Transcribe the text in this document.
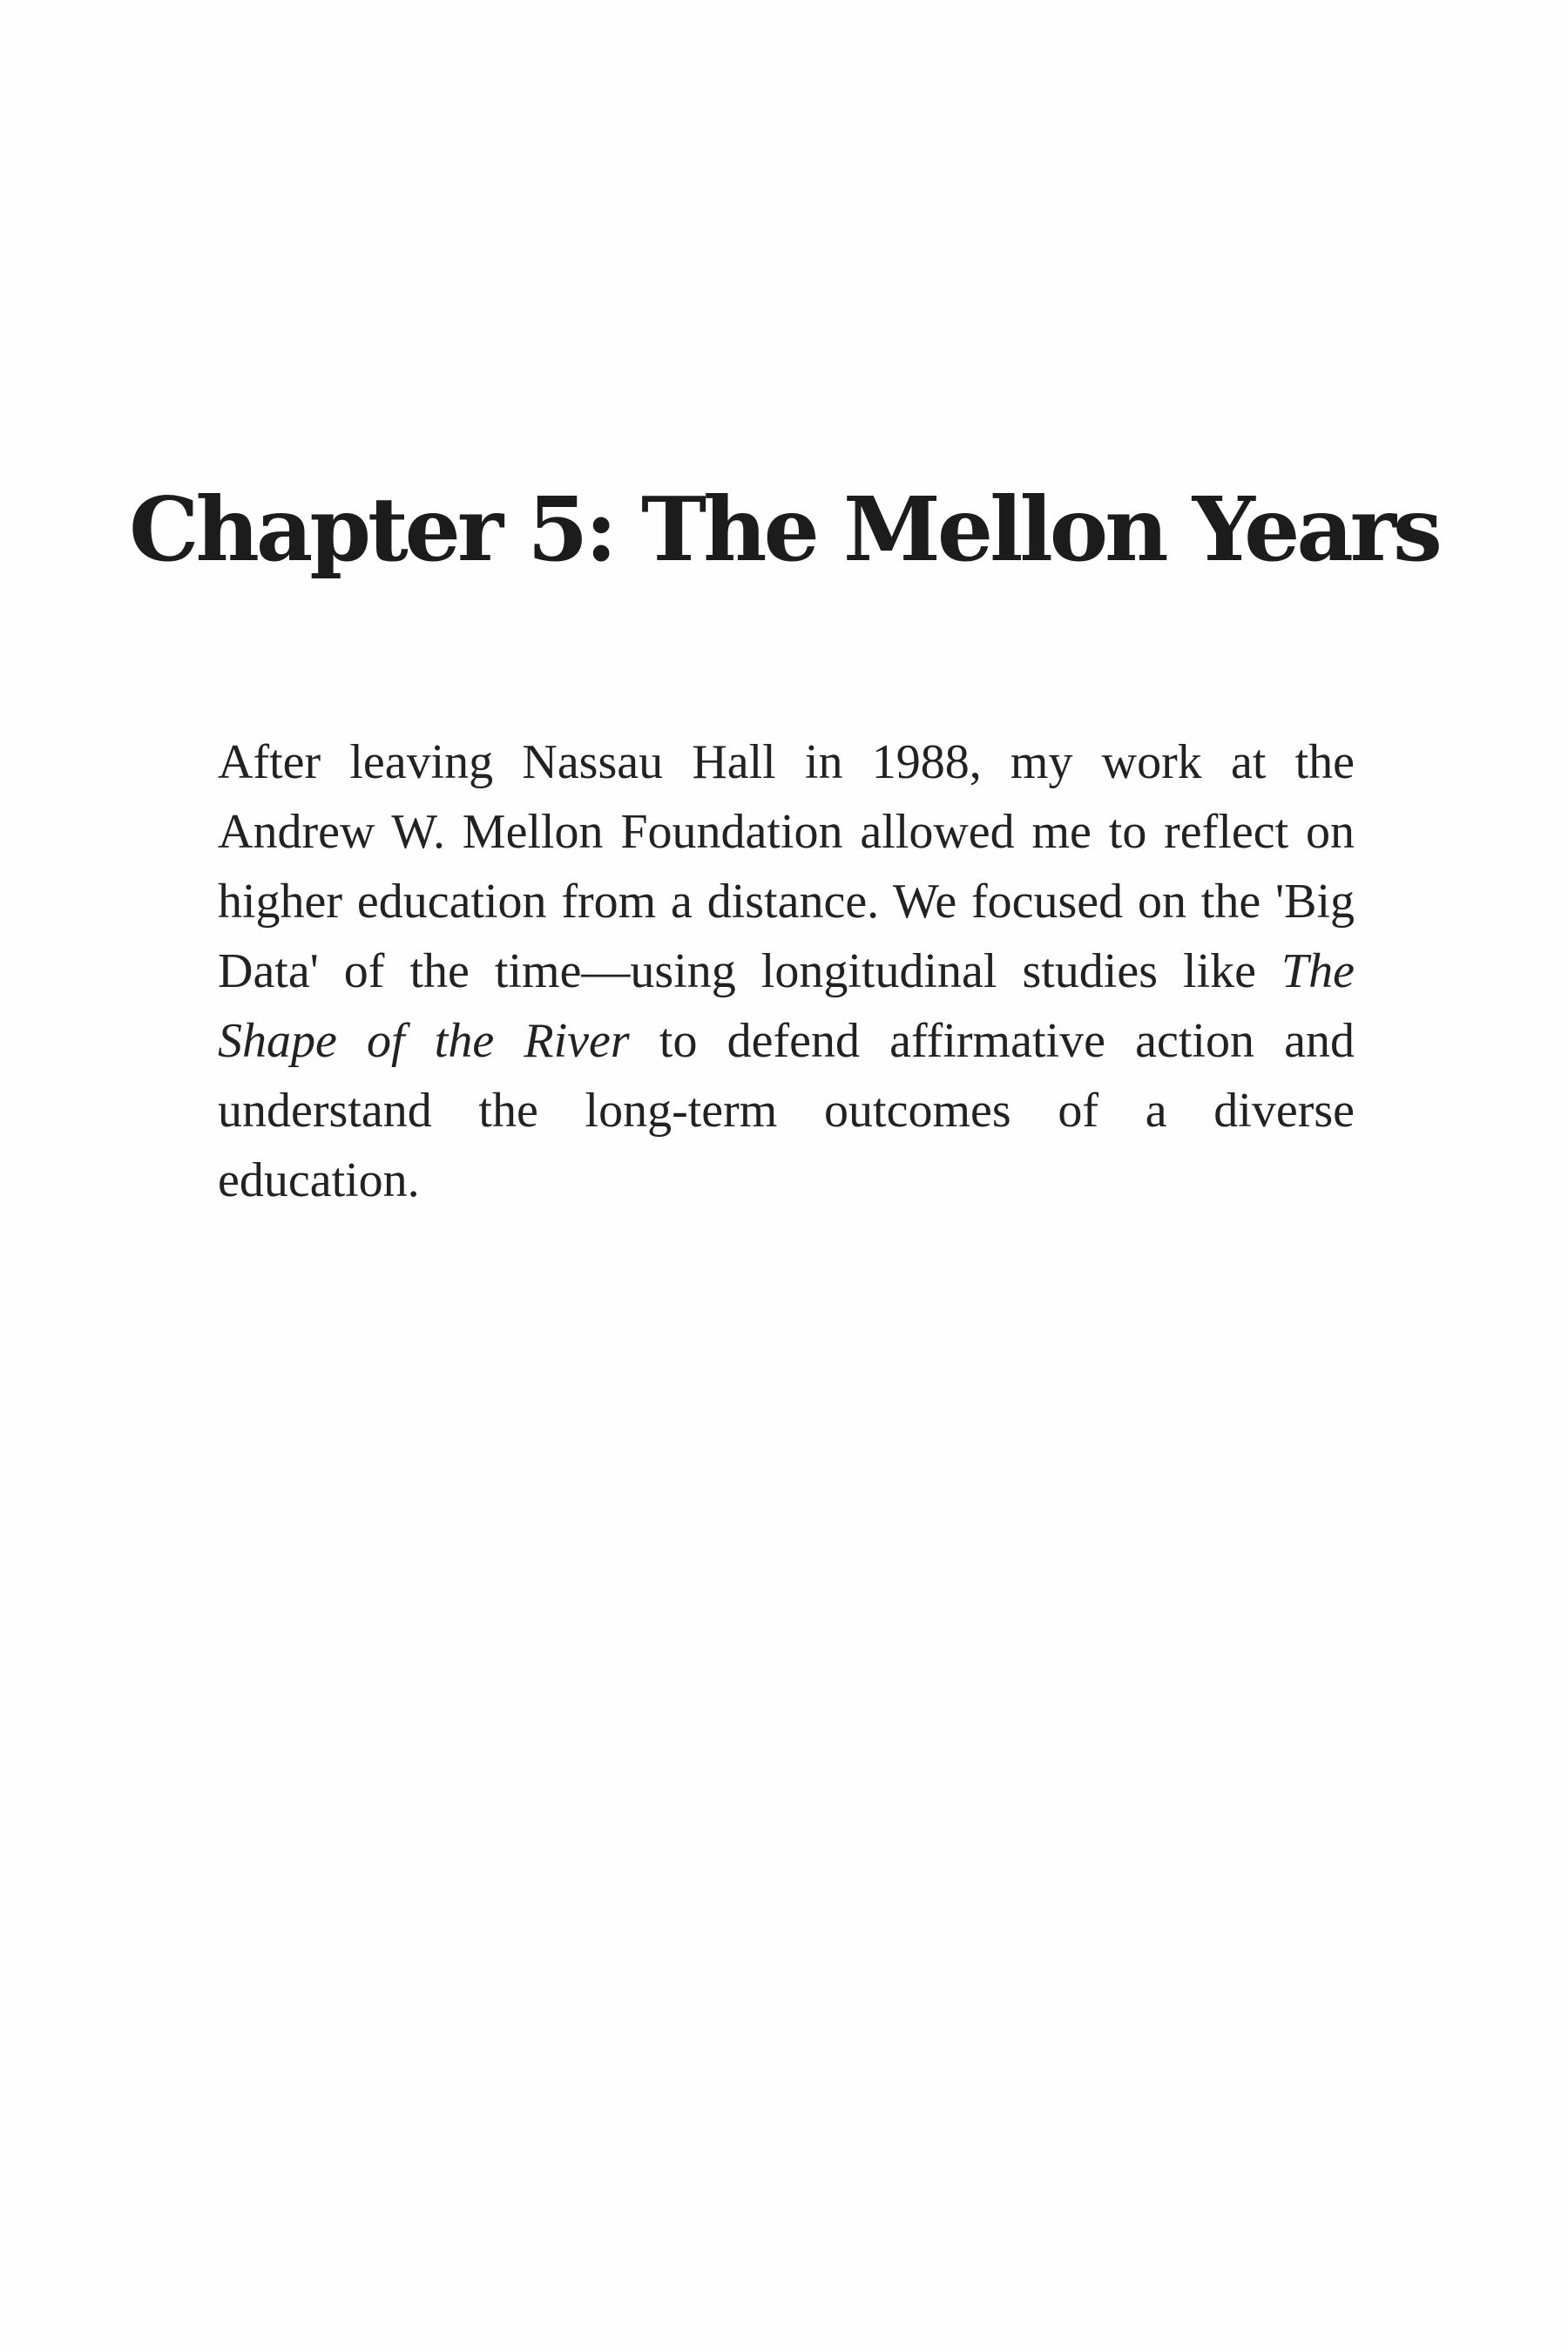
Chapter 5: The Mellon Years

After leaving Nassau Hall in 1988, my work at the Andrew W. Mellon Foundation allowed me to reflect on higher education from a distance. We focused on the 'Big Data' of the time—using longitudinal studies like The Shape of the River to defend affirmative action and understand the long-term outcomes of a diverse education.
